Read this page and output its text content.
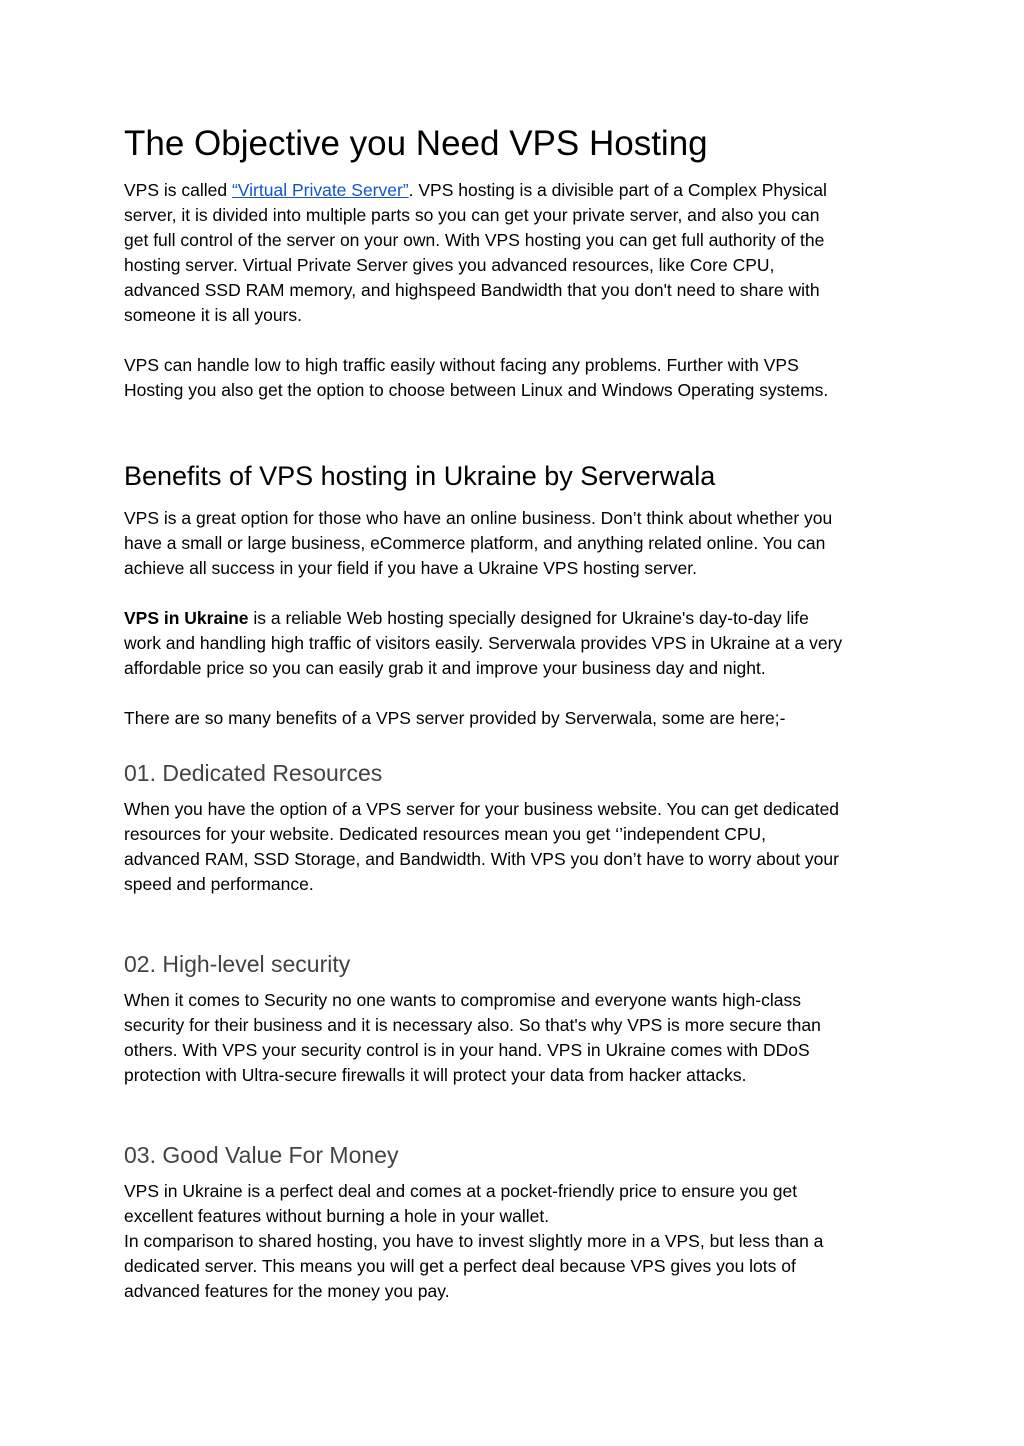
The Objective you Need VPS Hosting
VPS is called “Virtual Private Server”. VPS hosting is a divisible part of a Complex Physical
server, it is divided into multiple parts so you can get your private server, and also you can
get full control of the server on your own. With VPS hosting you can get full authority of the
hosting server. Virtual Private Server gives you advanced resources, like Core CPU,
advanced SSD RAM memory, and highspeed Bandwidth that you don't need to share with
someone it is all yours.
VPS can handle low to high traffic easily without facing any problems. Further with VPS
Hosting you also get the option to choose between Linux and Windows Operating systems.
Benefits of VPS hosting in Ukraine by Serverwala
VPS is a great option for those who have an online business. Don’t think about whether you
have a small or large business, eCommerce platform, and anything related online. You can
achieve all success in your field if you have a Ukraine VPS hosting server.
VPS in Ukraine is a reliable Web hosting specially designed for Ukraine's day-to-day life
work and handling high traffic of visitors easily. Serverwala provides VPS in Ukraine at a very
affordable price so you can easily grab it and improve your business day and night.
There are so many benefits of a VPS server provided by Serverwala, some are here;-
01. Dedicated Resources
When you have the option of a VPS server for your business website. You can get dedicated
resources for your website. Dedicated resources mean you get ‘’independent CPU,
advanced RAM, SSD Storage, and Bandwidth. With VPS you don’t have to worry about your
speed and performance.
02. High-level security
When it comes to Security no one wants to compromise and everyone wants high-class
security for their business and it is necessary also. So that's why VPS is more secure than
others. With VPS your security control is in your hand. VPS in Ukraine comes with DDoS
protection with Ultra-secure firewalls it will protect your data from hacker attacks.
03. Good Value For Money
VPS in Ukraine is a perfect deal and comes at a pocket-friendly price to ensure you get
excellent features without burning a hole in your wallet.
In comparison to shared hosting, you have to invest slightly more in a VPS, but less than a
dedicated server. This means you will get a perfect deal because VPS gives you lots of
advanced features for the money you pay.
